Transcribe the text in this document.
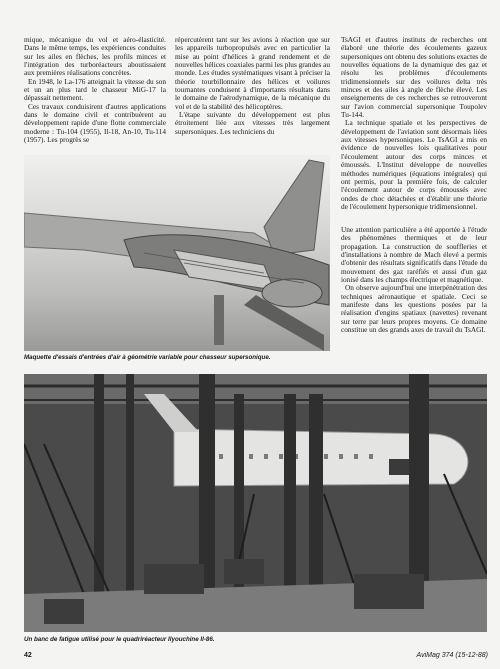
mique, mécanique du vol et aéro-élasticité. Dans le même temps, les expériences conduites sur les ailes en flèches, les profils minces et l'intégration des turboréacteurs aboutissaient aux premières réalisations concrètes.

En 1948, le La-176 atteignait la vitesse du son et un an plus tard le chasseur MiG-17 la dépassait nettement.

Ces travaux conduisirent d'autres applications dans le domaine civil et contribuèrent au développement rapide d'une flotte commerciale moderne : Tu-104 (1955), Il-18, An-10, Tu-114 (1957). Les progrès se

répercutèrent tant sur les avions à réaction que sur les appareils turbopropulsés avec en particulier la mise au point d'hélices à grand rendement et de nouvelles hélices coaxiales parmi les plus grandes au monde. Les études systématiques visant à préciser la théorie tourbillonnaire des hélices et voilures tournantes conduisent à d'importants résultats dans le domaine de l'aérodynamique, de la mécanique du vol et de la stabilité des hélicoptères.

L'étape suivante du développement est plus étroitement liée aux vitesses très largement supersoniques. Les techniciens du

TsAGI et d'autres instituts de recherches ont élaboré une théorie des écoulements gazeux supersoniques ont obtenu des solutions exactes de nouvelles équations de la dynamique des gaz et résolu les problèmes d'écoulements tridimensionnels sur des voilures delta très minces et des ailes à angle de flèche élevé. Les enseignements de ces recherches se retrouveront sur l'avion commercial supersonique Toupolev Tu-144.

La technique spatiale et les perspectives de développement de l'aviation sont désormais liées aux vitesses hypersoniques. Le TsAGI a mis en évidence de nouvelles lois qualitatives pour l'écoulement autour des corps minces et émoussés. L'Institut développe de nouvelles méthodes numériques (équations intégrales) qui ont permis, pour la première fois, de calculer l'écoulement autour de corps émoussés avec ondes de choc détachées et d'établir une théorie de l'écoulement hypersonique tridimensionnel.

Une attention particulière a été apportée à l'étude des phénomènes thermiques et de leur propagation. La construction de souffleries et d'installations à nombre de Mach élevé a permis d'obtenir des résultats significatifs dans l'étude du mouvement des gaz raréfiés et aussi d'un gaz ionisé dans les champs électrique et magnétique.

On observe aujourd'hui une interpénétration des techniques aéronautique et spatiale. Ceci se manifeste dans les questions posées par la réalisation d'engins spatiaux (navettes) revenant sur terre par leurs propres moyens. Ce domaine constitue un des grands axes de travail du TsAGI.

Maquette d'essais d'entrées d'air à géométrie variable pour chasseur supersonique.
Un banc de fatigue utilisé pour le quadriréacteur Ilyouchine Il-86.
42	AviMag 374 (15-12-88)
